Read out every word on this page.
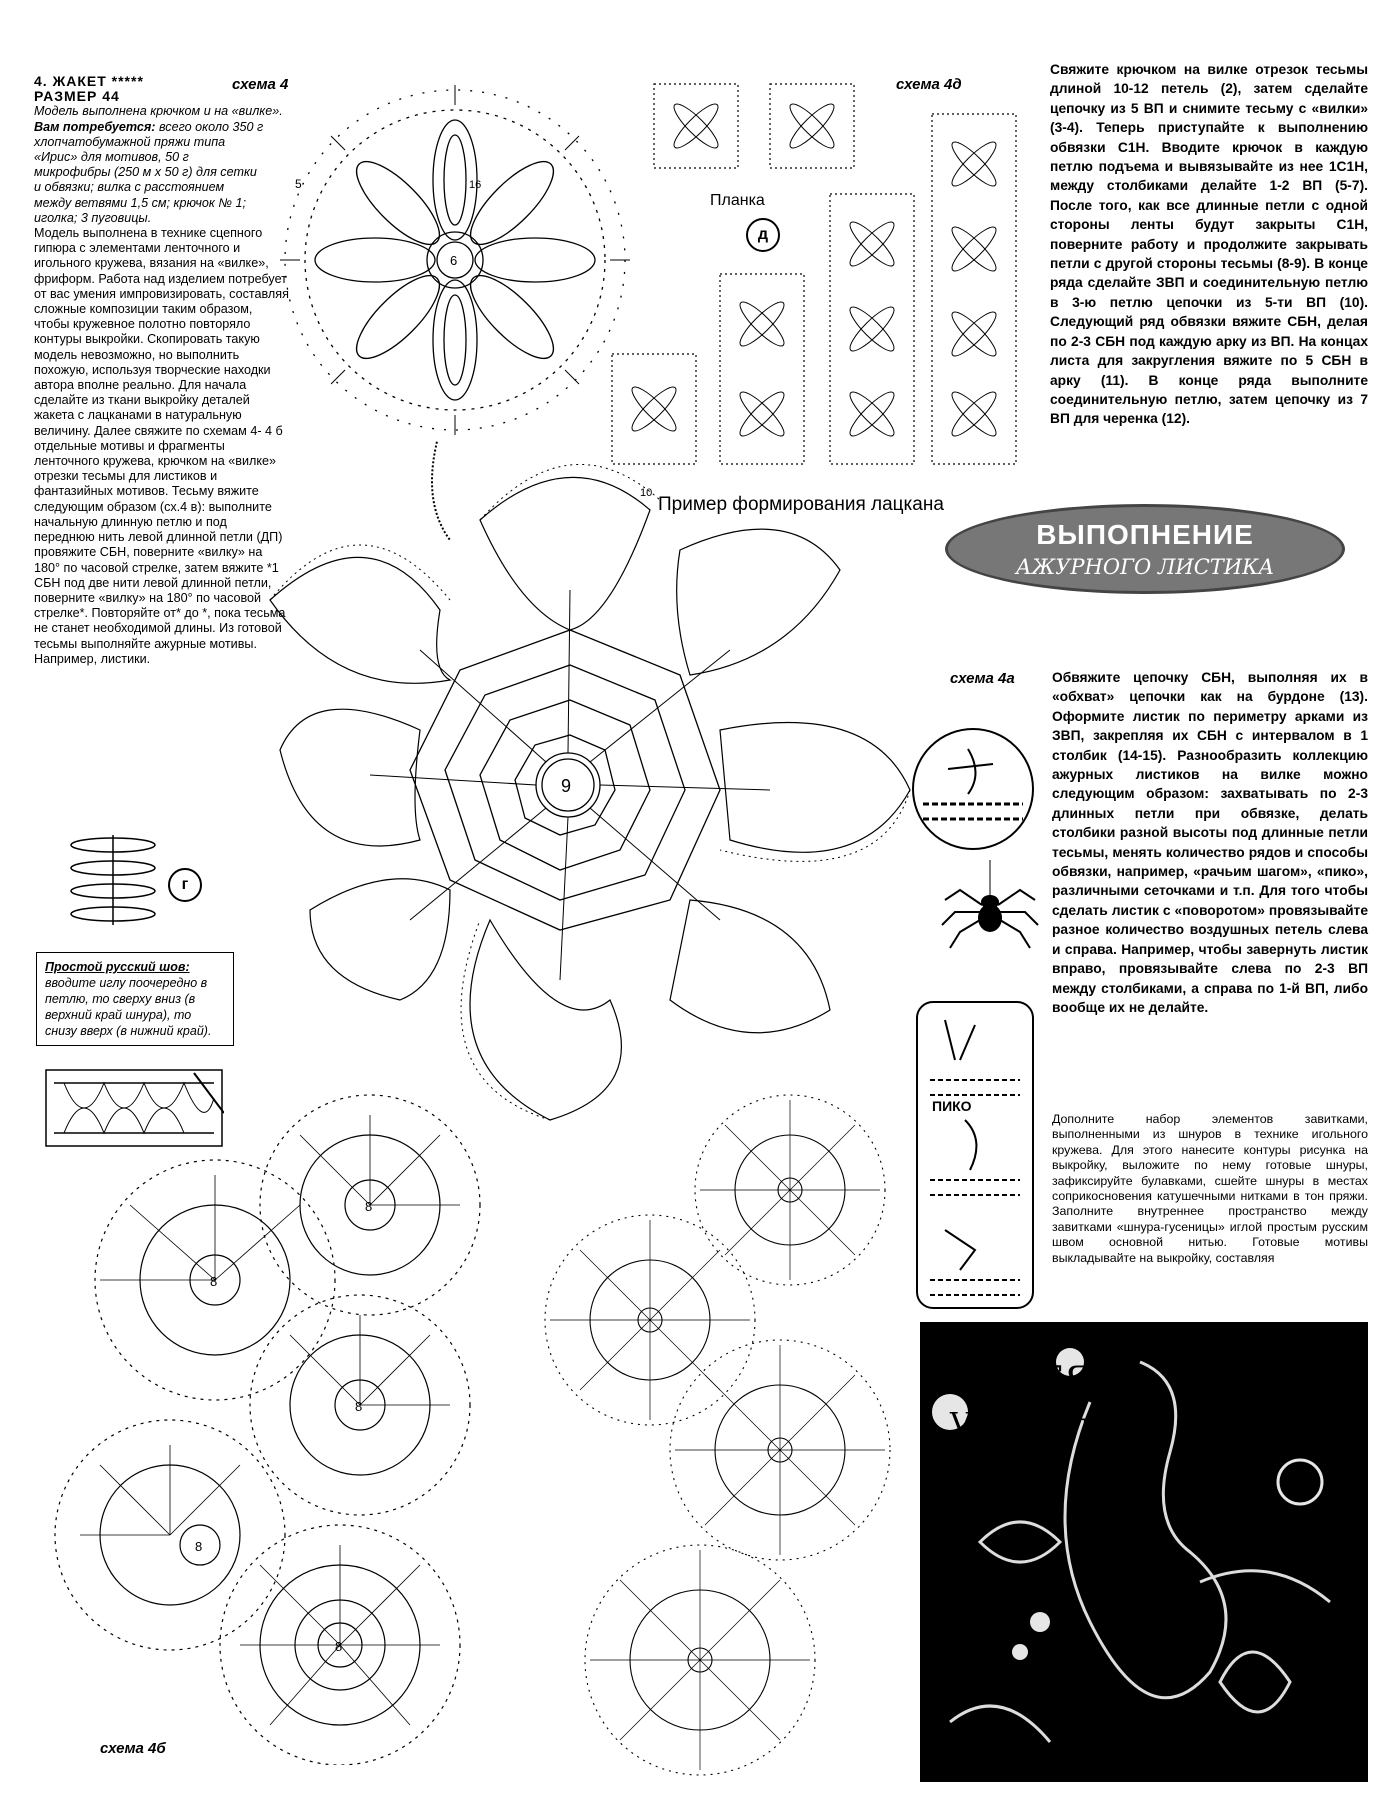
4. ЖАКЕТ *****
РАЗМЕР 44

Модель выполнена крючком и на «вилке».

Вам потребуется: всего около 350 г хлопчатобумажной пряжи типа «Ирис» для мотивов, 50 г микрофибры (250 м х 50 г) для сетки и обвязки; вилка с расстоянием между ветвями 1,5 см; крючок № 1; иголка; 3 пуговицы.

Модель выполнена в технике сцепного гипюра с элементами ленточного и игольного кружева, вязания на «вилке», фриформ. Работа над изделием потребует от вас умения импровизировать, составляя сложные композиции таким образом, чтобы кружевное полотно повторяло контуры выкройки. Скопировать такую модель невозможно, но выполнить похожую, используя творческие находки автора вполне реально. Для начала сделайте из ткани выкройку деталей жакета с лацканами в натуральную величину. Далее свяжите по схемам 4- 4 б отдельные мотивы и фрагменты ленточного кружева, крючком на «вилке» отрезки тесьмы для листиков и фантазийных мотивов. Тесьму вяжите следующим образом (сх.4 в): выполните начальную длинную петлю и под переднюю нить левой длинной петли (ДП) провяжите СБН, поверните «вилку» на 180° по часовой стрелке, затем вяжите *1 СБН под две нити левой длинной петли, поверните «вилку» на 180° по часовой стрелке*. Повторяйте от* до *, пока тесьма не станет необходимой длины. Из готовой тесьмы выполняйте ажурные мотивы. Например, листики.

схема 4
6
16
5
схема 4д
Планка
д
Свяжите крючком на вилке отрезок тесьмы длиной 10-12 петель (2), затем сделайте цепочку из 5 ВП и снимите тесьму с «вилки» (3-4). Теперь приступайте к выполнению обвязки С1Н. Вводите крючок в каждую петлю подъема и вывязывайте из нее 1С1Н, между столбиками делайте 1-2 ВП (5-7). После того, как все длинные петли с одной стороны ленты будут закрыты С1Н, поверните работу и продолжите закрывать петли с другой стороны тесьмы (8-9). В конце ряда сделайте ЗВП и соединительную петлю в 3-ю петлю цепочки из 5-ти ВП (10). Следующий ряд обвязки вяжите СБН, делая по 2-3 СБН под каждую арку из ВП. На концах листа для закругления вяжите по 5 СБН в арку (11). В конце ряда выполните соединительную петлю, затем цепочку из 7 ВП для черенка (12).
Пример формирования лацкана
ВЫПОПНЕНИЕ
АЖУРНОГО ЛИСТИКА
9
10
схема 4а	Обвяжите цепочку СБН, выполняя их в «обхват» цепочки как на бурдоне (13). Оформите листик по периметру арками из ЗВП, закрепляя их СБН с интервалом в 1 столбик (14-15). Разнообразить коллекцию ажурных листиков на вилке можно следующим образом: захватывать по 2-3 длинных петли при обвязке, делать столбики разной высоты под длинные петли тесьмы, менять количество рядов и способы обвязки, например, «рачьим шагом», «пико», различными сеточками и т.п. Для того чтобы сделать листик с «поворотом» провязывайте разное количество воздушных петель слева и справа. Например, чтобы завернуть листик вправо, провязывайте слева по 2-3 ВП между столбиками, а справа по 1-й ВП, либо вообще их не делайте.
ПИКО
Дополните набор элементов завитками, выполненными из шнуров в технике игольного кружева. Для этого нанесите контуры рисунка на выкройку, выложите по нему готовые шнуры, зафиксируйте булавками, сшейте шнуры в местах соприкосновения катушечными нитками в тон пряжи. Заполните внутреннее пространство между завитками «шнура-гусеницы» иглой простым русским швом основной нитью. Готовые мотивы выкладывайте на выкройку, составляя
ВЯЗЕЯ
Vyazea.ru
г
Простой русский шов: вводите иглу поочередно в петлю, то сверху вниз (в верхний край шнура), то снизу вверх (в нижний край).
8
8
8
8
8
схема 4б
